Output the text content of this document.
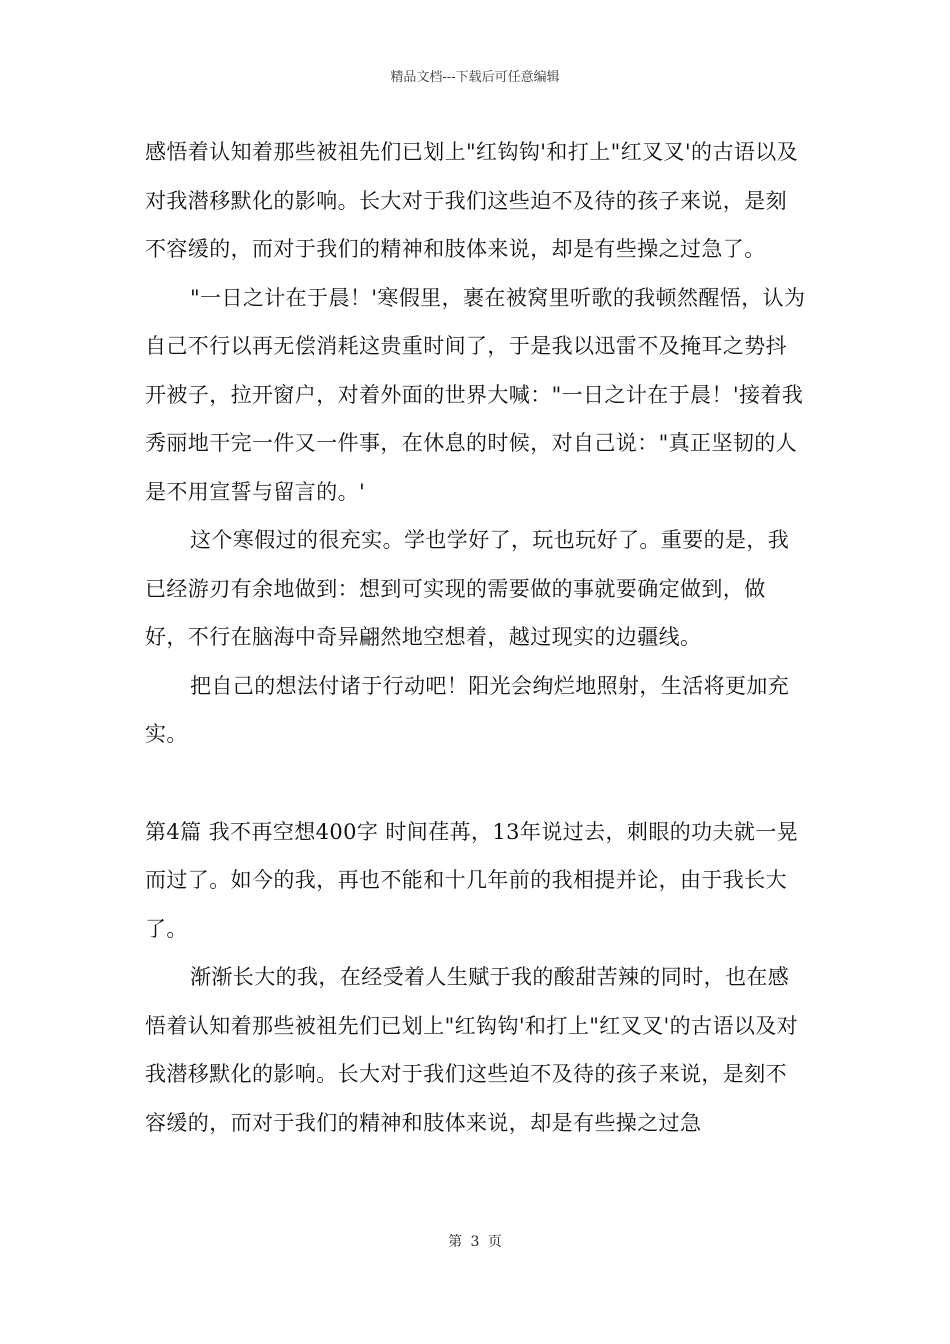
精品文档---下载后可任意编辑

感悟着认知着那些被祖先们已划上"红钩钩'和打上"红叉叉'的古语以及对我潜移默化的影响。长大对于我们这些迫不及待的孩子来说，是刻不容缓的，而对于我们的精神和肢体来说，却是有些操之过急了。

"一日之计在于晨！'寒假里，裹在被窝里听歌的我顿然醒悟，认为自己不行以再无偿消耗这贵重时间了，于是我以迅雷不及掩耳之势抖开被子，拉开窗户，对着外面的世界大喊："一日之计在于晨！'接着我秀丽地干完一件又一件事，在休息的时候，对自己说："真正坚韧的人是不用宣誓与留言的。'

这个寒假过的很充实。学也学好了，玩也玩好了。重要的是，我已经游刃有余地做到：想到可实现的需要做的事就要确定做到，做好，不行在脑海中奇异翩然地空想着，越过现实的边疆线。

把自己的想法付诸于行动吧！阳光会绚烂地照射，生活将更加充实。

第4篇 我不再空想400字 时间荏苒，13年说过去，刺眼的功夫就一晃而过了。如今的我，再也不能和十几年前的我相提并论，由于我长大了。

渐渐长大的我，在经受着人生赋于我的酸甜苦辣的同时，也在感悟着认知着那些被祖先们已划上"红钩钩'和打上"红叉叉'的古语以及对我潜移默化的影响。长大对于我们这些迫不及待的孩子来说，是刻不容缓的，而对于我们的精神和肢体来说，却是有些操之过急

第 3 页
